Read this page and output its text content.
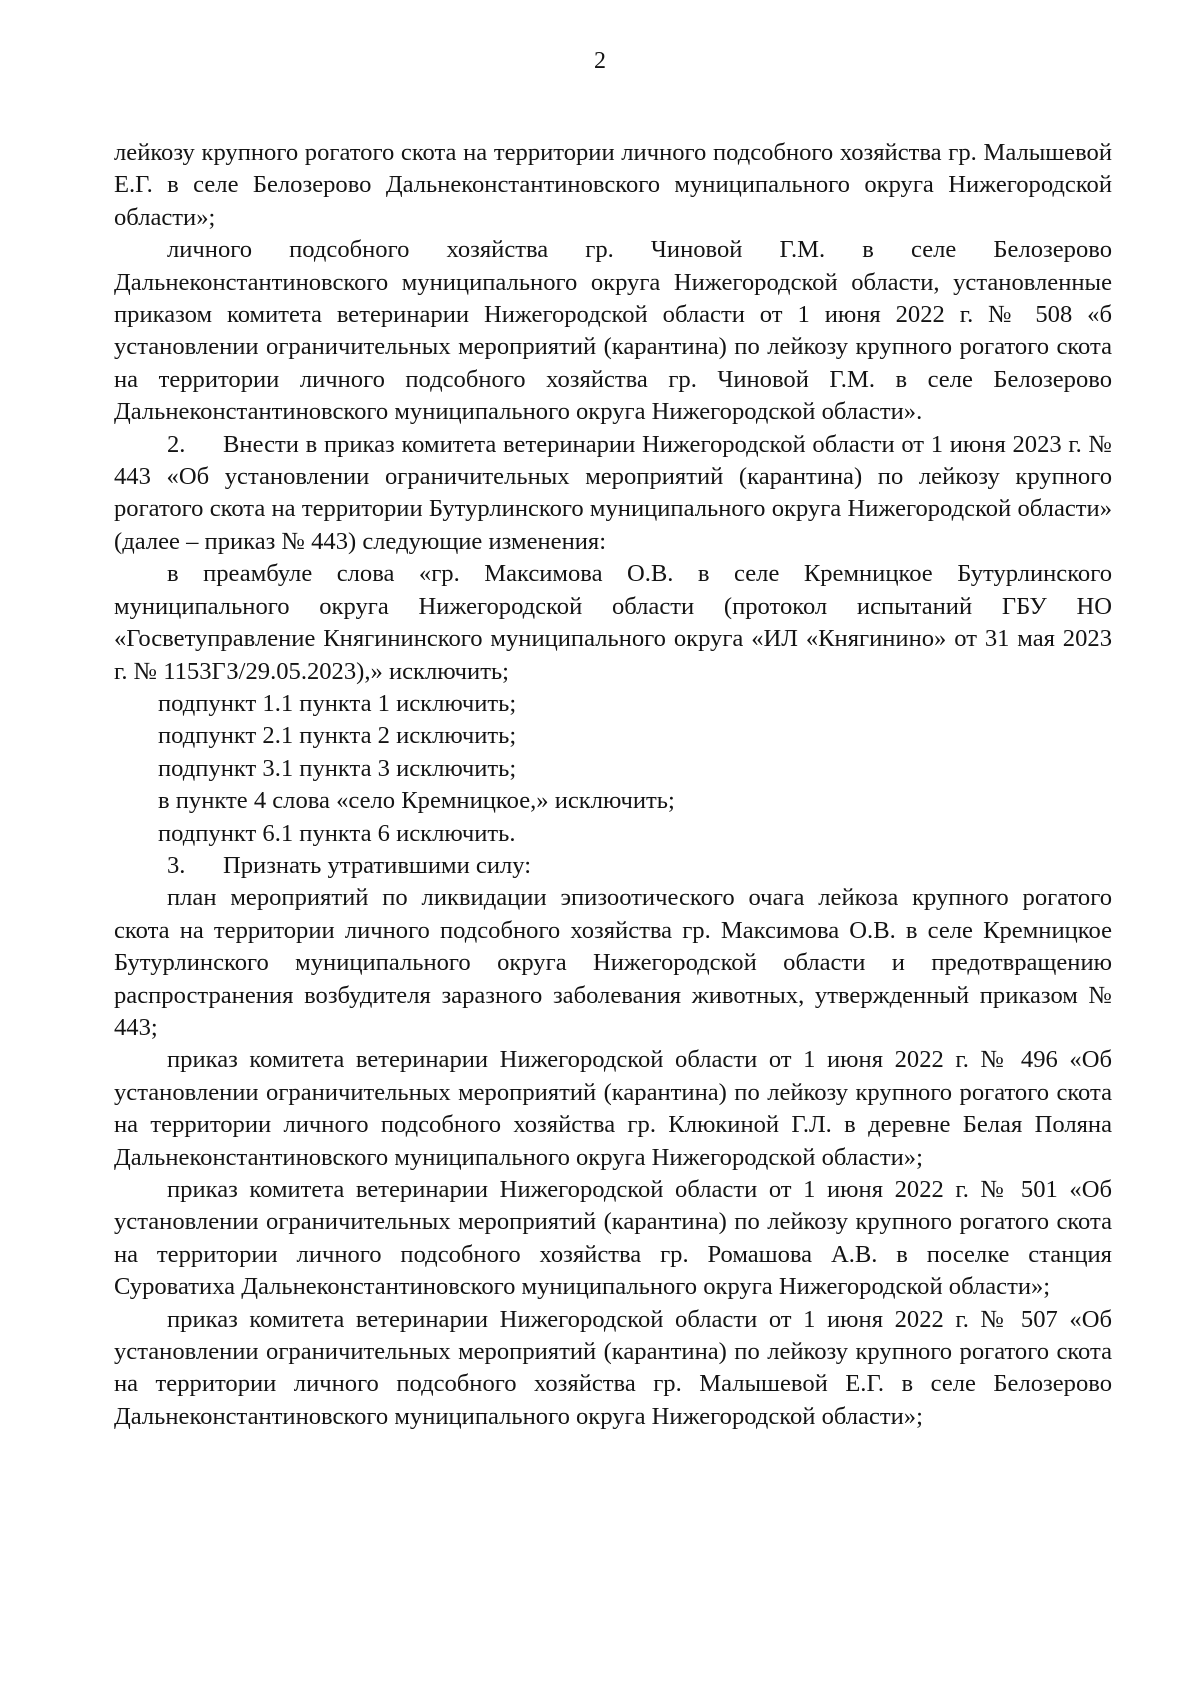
2

лейкозу крупного рогатого скота на территории личного подсобного хозяйства гр. Малышевой Е.Г. в селе Белозерово Дальнеконстантиновского муниципального округа Нижегородской области»;

личного подсобного хозяйства гр. Чиновой Г.М. в селе Белозерово Дальнеконстантиновского муниципального округа Нижегородской области, установленные приказом комитета ветеринарии Нижегородской области от 1 июня 2022 г. № 508 «б установлении ограничительных мероприятий (карантина) по лейкозу крупного рогатого скота на территории личного подсобного хозяйства гр. Чиновой Г.М. в селе Белозерово Дальнеконстантиновского муниципального округа Нижегородской области».

2. Внести в приказ комитета ветеринарии Нижегородской области от 1 июня 2023 г. № 443 «Об установлении ограничительных мероприятий (карантина) по лейкозу крупного рогатого скота на территории Бутурлинского муниципального округа Нижегородской области» (далее – приказ № 443) следующие изменения:

в преамбуле слова «гр. Максимова О.В. в селе Кремницкое Бутурлинского муниципального округа Нижегородской области (протокол испытаний ГБУ НО «Госветуправление Княгининского муниципального округа «ИЛ «Княгинино» от 31 мая 2023 г. № 1153ГЗ/29.05.2023),» исключить;

подпункт 1.1 пункта 1 исключить;

подпункт 2.1 пункта 2 исключить;

подпункт 3.1 пункта 3 исключить;

в пункте 4 слова «село Кремницкое,» исключить;

подпункт 6.1 пункта 6 исключить.

3. Признать утратившими силу:

план мероприятий по ликвидации эпизоотического очага лейкоза крупного рогатого скота на территории личного подсобного хозяйства гр. Максимова О.В. в селе Кремницкое Бутурлинского муниципального округа Нижегородской области и предотвращению распространения возбудителя заразного заболевания животных, утвержденный приказом № 443;

приказ комитета ветеринарии Нижегородской области от 1 июня 2022 г. № 496 «Об установлении ограничительных мероприятий (карантина) по лейкозу крупного рогатого скота на территории личного подсобного хозяйства гр. Клюкиной Г.Л. в деревне Белая Поляна Дальнеконстантиновского муниципального округа Нижегородской области»;

приказ комитета ветеринарии Нижегородской области от 1 июня 2022 г. № 501 «Об установлении ограничительных мероприятий (карантина) по лейкозу крупного рогатого скота на территории личного подсобного хозяйства гр. Ромашова А.В. в поселке станция Суроватиха Дальнеконстантиновского муниципального округа Нижегородской области»;

приказ комитета ветеринарии Нижегородской области от 1 июня 2022 г. № 507 «Об установлении ограничительных мероприятий (карантина) по лейкозу крупного рогатого скота на территории личного подсобного хозяйства гр. Малышевой Е.Г. в селе Белозерово Дальнеконстантиновского муниципального округа Нижегородской области»;
